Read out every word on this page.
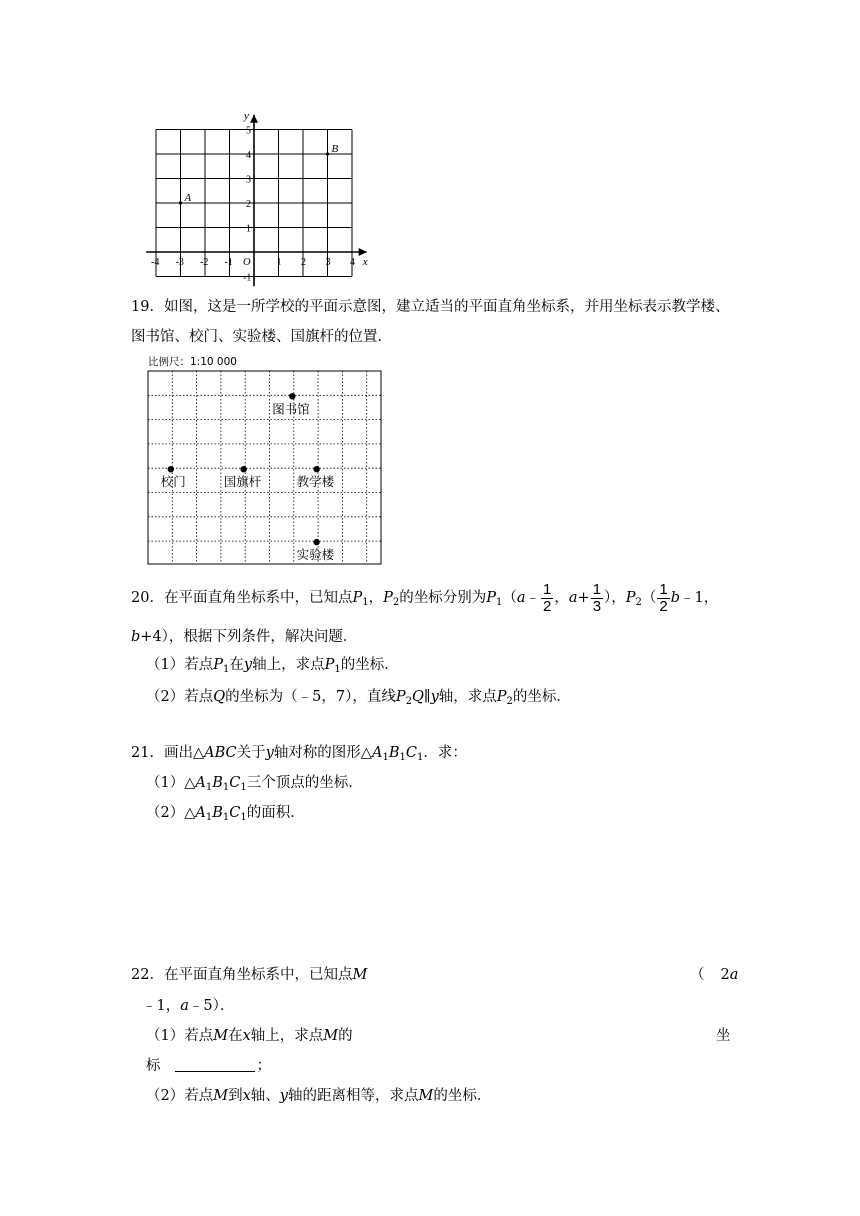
x
y
O
-4 -3 -2 -1	1 2 3 4
5
4
3
2
1
-1
A
B
19．如图，这是一所学校的平面示意图，建立适当的平面直角坐标系，并用坐标表示教学楼、
图书馆、校门、实验楼、国旗杆的位置．
比例尺：1:10 000
图书馆
校门	国旗杆	教学楼
实验楼
20．在平面直角坐标系中，已知点$P_1$，$P_2$的坐标分别为$P_1(a﹣ \frac{1}{2}$ ，$a+ \frac{1}{3}$ ），$P_2( \frac{1}{2}$ b﹣1，
b+4），根据下列条件，解决问题．
（1）若点$P_1$在y轴上，求点$P_1$的坐标．
（2）若点Q的坐标为（﹣5，7），直线$P_2Q\parallel y$轴，求点$P_2$的坐标．
21．画出△ABC关于y轴对称的图形$\triangle A_1B_1C_1$．求：
$(1)\triangle A_1B_1C_1$三个顶点的坐标．
$(2)\triangle A_1B_1C_1$的面积．
22．在平面直角坐标系中，已知点M	（ 2a
﹣1，a﹣5）．
（1）若点M在x轴上，求点M的	坐
标	；
（2）若点M到x轴、y轴的距离相等，求点M的坐标．
